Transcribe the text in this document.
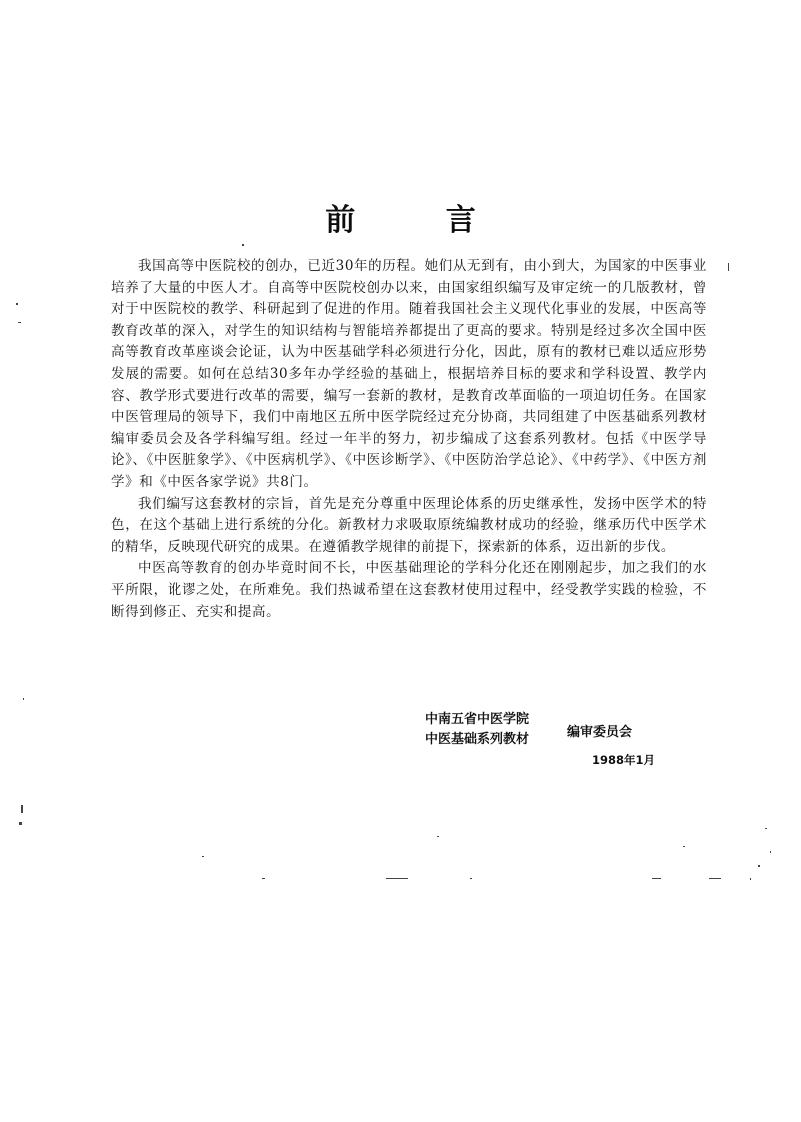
前 言

我国高等中医院校的创办，已近30年的历程。她们从无到有，由小到大，为国家的中医事业培养了大量的中医人才。自高等中医院校创办以来，由国家组织编写及审定统一的几版教材，曾对于中医院校的教学、科研起到了促进的作用。随着我国社会主义现代化事业的发展，中医高等教育改革的深入，对学生的知识结构与智能培养都提出了更高的要求。特别是经过多次全国中医高等教育改革座谈会论证，认为中医基础学科必须进行分化，因此，原有的教材已难以适应形势发展的需要。如何在总结30多年办学经验的基础上，根据培养目标的要求和学科设置、教学内容、教学形式要进行改革的需要，编写一套新的教材，是教育改革面临的一项迫切任务。在国家中医管理局的领导下，我们中南地区五所中医学院经过充分协商，共同组建了中医基础系列教材编审委员会及各学科编写组。经过一年半的努力，初步编成了这套系列教材。包括《中医学导论》、《中医脏象学》、《中医病机学》、《中医诊断学》、《中医防治学总论》、《中药学》、《中医方剂学》和《中医各家学说》共8门。

我们编写这套教材的宗旨，首先是充分尊重中医理论体系的历史继承性，发扬中医学术的特色，在这个基础上进行系统的分化。新教材力求吸取原统编教材成功的经验，继承历代中医学术的精华，反映现代研究的成果。在遵循教学规律的前提下，探索新的体系，迈出新的步伐。

中医高等教育的创办毕竟时间不长，中医基础理论的学科分化还在刚刚起步，加之我们的水平所限，讹谬之处，在所难免。我们热诚希望在这套教材使用过程中，经受教学实践的检验，不断得到修正、充实和提高。

中南五省中医学院
中医基础系列教材	编审委员会
1988年1月
